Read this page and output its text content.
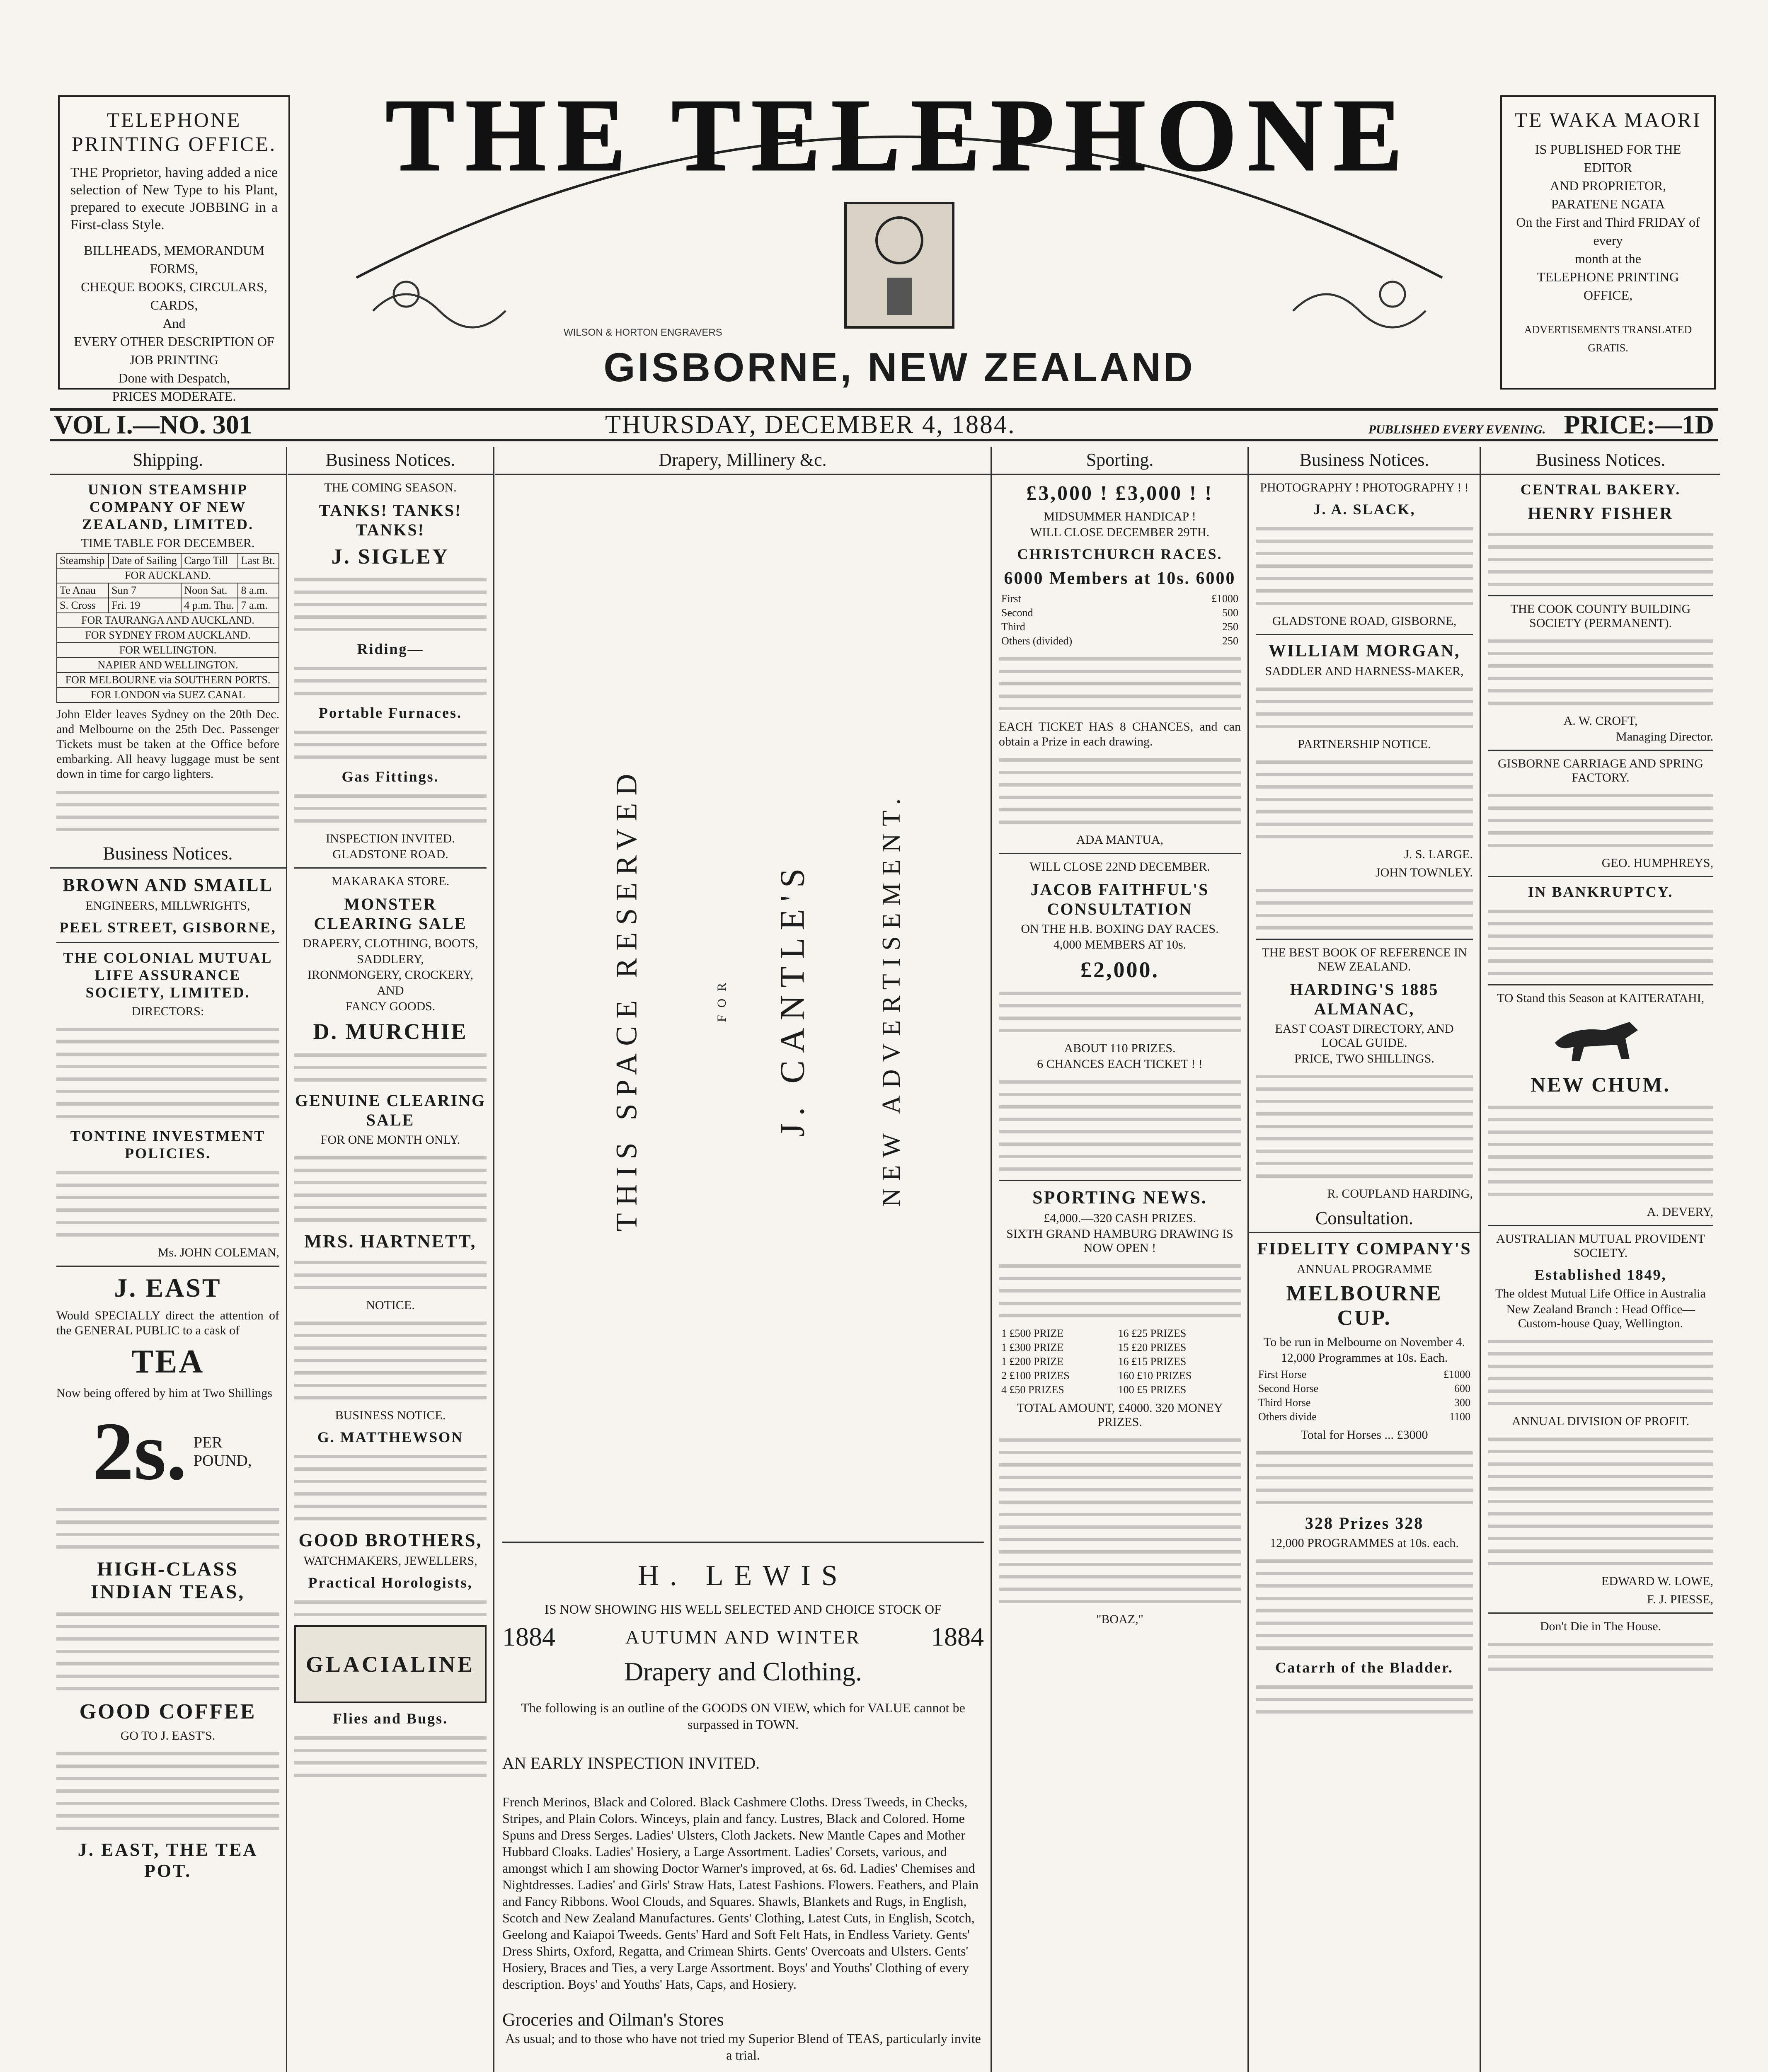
TELEPHONE PRINTING OFFICE.

THE Proprietor, having added a nice selection of New Type to his Plant, prepared to execute JOBBING in a First-class Style.

BILLHEADS, MEMORANDUM FORMS,

CHEQUE BOOKS, CIRCULARS,

CARDS,

And

EVERY OTHER DESCRIPTION OF JOB PRINTING

Done with Despatch,

PRICES MODERATE.

THE TELEPHONE
WILSON & HORTON ENGRAVERS
GISBORNE, NEW ZEALAND
TE WAKA MAORI

IS PUBLISHED FOR THE EDITOR

AND PROPRIETOR,

PARATENE NGATA

On the First and Third FRIDAY of every

month at the

TELEPHONE PRINTING OFFICE,

ADVERTISEMENTS TRANSLATED GRATIS.

VOL I.—NO. 301	THURSDAY, DECEMBER 4, 1884.	PUBLISHED EVERY EVENING. PRICE:—1D
Shipping.
UNION STEAMSHIP COMPANY OF NEW ZEALAND, LIMITED.
TIME TABLE FOR DECEMBER.
Steamship	Date of Sailing	Cargo Till	Last Bt.
FOR AUCKLAND.			
Te Anau	Sun 7	Noon Sat.	8 a.m.
S. Cross	Fri. 19	4 p.m. Thu.	7 a.m.
FOR TAURANGA AND AUCKLAND.			
FOR SYDNEY FROM AUCKLAND.			
FOR WELLINGTON.			
NAPIER AND WELLINGTON.			
FOR MELBOURNE via SOUTHERN PORTS.			
FOR LONDON via SUEZ CANAL			

John Elder leaves Sydney on the 20th Dec. and Melbourne on the 25th Dec. Passenger Tickets must be taken at the Office before embarking. All heavy luggage must be sent down in time for cargo lighters.

Business Notices.
BROWN AND SMAILL
ENGINEERS, MILLWRIGHTS,
PEEL STREET, GISBORNE,
THE COLONIAL MUTUAL LIFE ASSURANCE SOCIETY, LIMITED.
DIRECTORS:
TONTINE INVESTMENT POLICIES.
Ms. JOHN COLEMAN,
J. EAST

Would SPECIALLY direct the attention of the GENERAL PUBLIC to a cask of

TEA

Now being offered by him at Two Shillings

2s. PER POUND,
HIGH-CLASS INDIAN TEAS,
GOOD COFFEE
GO TO J. EAST'S.
J. EAST, THE TEA POT.
Business Notices.
THE COMING SEASON.
TANKS! TANKS! TANKS!
J. SIGLEY
Riding—
Portable Furnaces.
Gas Fittings.
INSPECTION INVITED.
GLADSTONE ROAD.
MAKARAKA STORE.
MONSTER CLEARING SALE
DRAPERY, CLOTHING, BOOTS,
SADDLERY,
IRONMONGERY, CROCKERY,
AND
FANCY GOODS.
D. MURCHIE
GENUINE CLEARING SALE
FOR ONE MONTH ONLY.
MRS. HARTNETT,
NOTICE.
BUSINESS NOTICE.
G. MATTHEWSON
GOOD BROTHERS,
WATCHMAKERS, JEWELLERS,
Practical Horologists,
GLACIALINE
Flies and Bugs.
Drapery, Millinery &c.
THIS SPACE RESERVED	FOR J. CANTLE'S	NEW ADVERTISEMENT.
H. LEWIS

IS NOW SHOWING HIS WELL SELECTED AND CHOICE STOCK OF

1884	AUTUMN AND WINTER	1884
Drapery and Clothing.

The following is an outline of the GOODS ON VIEW, which for VALUE cannot be surpassed in TOWN.

AN EARLY INSPECTION INVITED.

French Merinos, Black and Colored. Black Cashmere Cloths. Dress Tweeds, in Checks, Stripes, and Plain Colors. Winceys, plain and fancy. Lustres, Black and Colored. Home Spuns and Dress Serges. Ladies' Ulsters, Cloth Jackets. New Mantle Capes and Mother Hubbard Cloaks. Ladies' Hosiery, a Large Assortment. Ladies' Corsets, various, and amongst which I am showing Doctor Warner's improved, at 6s. 6d. Ladies' Chemises and Nightdresses. Ladies' and Girls' Straw Hats, Latest Fashions. Flowers. Feathers, and Plain and Fancy Ribbons. Wool Clouds, and Squares. Shawls, Blankets and Rugs, in English, Scotch and New Zealand Manufactures. Gents' Clothing, Latest Cuts, in English, Scotch, Geelong and Kaiapoi Tweeds. Gents' Hard and Soft Felt Hats, in Endless Variety. Gents' Dress Shirts, Oxford, Regatta, and Crimean Shirts. Gents' Overcoats and Ulsters. Gents' Hosiery, Braces and Ties, a very Large Assortment. Boys' and Youths' Clothing of every description. Boys' and Youths' Hats, Caps, and Hosiery.

Groceries and Oilman's Stores

As usual; and to those who have not tried my Superior Blend of TEAS, particularly invite a trial.

Sporting.
£3,000 ! £3,000 ! !
MIDSUMMER HANDICAP !
WILL CLOSE DECEMBER 29TH.
CHRISTCHURCH RACES.
6000 Members at 10s. 6000
First	£1000
Second	500
Third	250
Others (divided)	250

EACH TICKET HAS 8 CHANCES, and can obtain a Prize in each drawing.

ADA MANTUA,
WILL CLOSE 22ND DECEMBER.
JACOB FAITHFUL'S CONSULTATION
ON THE H.B. BOXING DAY RACES.
4,000 MEMBERS AT 10s.
£2,000.
ABOUT 110 PRIZES.
6 CHANCES EACH TICKET ! !
SPORTING NEWS.
£4,000.—320 CASH PRIZES.
SIXTH GRAND HAMBURG DRAWING IS NOW OPEN !
1 £500 PRIZE	16 £25 PRIZES
1 £300 PRIZE	15 £20 PRIZES
1 £200 PRIZE	16 £15 PRIZES
2 £100 PRIZES	160 £10 PRIZES
4 £50 PRIZES	100 £5 PRIZES
TOTAL AMOUNT, £4000. 320 MONEY PRIZES.
"BOAZ,"
Business Notices.
PHOTOGRAPHY ! PHOTOGRAPHY ! !
J. A. SLACK,
GLADSTONE ROAD, GISBORNE,
WILLIAM MORGAN,
SADDLER AND HARNESS-MAKER,
PARTNERSHIP NOTICE.
J. S. LARGE.
JOHN TOWNLEY.
THE BEST BOOK OF REFERENCE IN NEW ZEALAND.
HARDING'S 1885 ALMANAC,
EAST COAST DIRECTORY, AND LOCAL GUIDE.
PRICE, TWO SHILLINGS.
R. COUPLAND HARDING,
Consultation.
FIDELITY COMPANY'S
ANNUAL PROGRAMME
MELBOURNE CUP.
To be run in Melbourne on November 4.
12,000 Programmes at 10s. Each.
First Horse	£1000
Second Horse	600
Third Horse	300
Others divide	1100
Total for Horses ... £3000
328 Prizes 328
12,000 PROGRAMMES at 10s. each.
Catarrh of the Bladder.
Business Notices.
CENTRAL BAKERY.
HENRY FISHER
THE COOK COUNTY BUILDING SOCIETY (PERMANENT).
A. W. CROFT,
Managing Director.
GISBORNE CARRIAGE AND SPRING FACTORY.
GEO. HUMPHREYS,
IN BANKRUPTCY.
TO Stand this Season at KAITERATAHI,
NEW CHUM.
A. DEVERY,
AUSTRALIAN MUTUAL PROVIDENT SOCIETY.
Established 1849,
The oldest Mutual Life Office in Australia
New Zealand Branch : Head Office— Custom-house Quay, Wellington.
ANNUAL DIVISION OF PROFIT.
EDWARD W. LOWE,
F. J. PIESSE,
Don't Die in The House.
